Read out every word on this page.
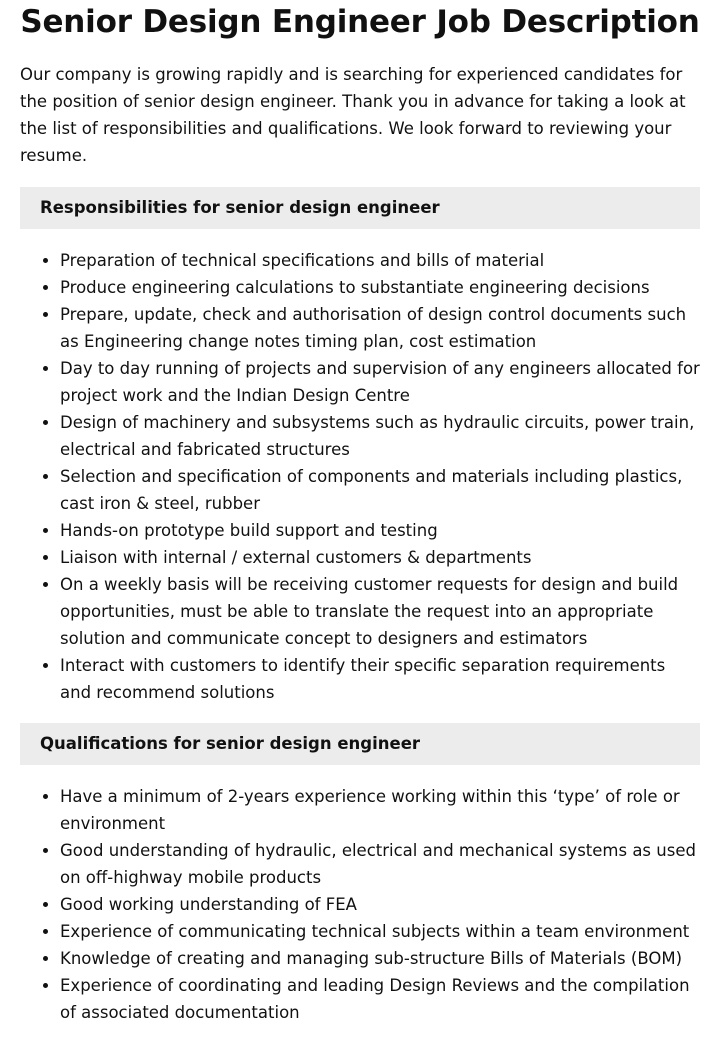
Senior Design Engineer Job Description

Our company is growing rapidly and is searching for experienced candidates for the position of senior design engineer. Thank you in advance for taking a look at the list of responsibilities and qualifications. We look forward to reviewing your resume.

Responsibilities for senior design engineer
• Preparation of technical specifications and bills of material
• Produce engineering calculations to substantiate engineering decisions
• Prepare, update, check and authorisation of design control documents such as Engineering change notes timing plan, cost estimation
• Day to day running of projects and supervision of any engineers allocated for project work and the Indian Design Centre
• Design of machinery and subsystems such as hydraulic circuits, power train, electrical and fabricated structures
• Selection and specification of components and materials including plastics, cast iron & steel, rubber
• Hands-on prototype build support and testing
• Liaison with internal / external customers & departments
• On a weekly basis will be receiving customer requests for design and build opportunities, must be able to translate the request into an appropriate solution and communicate concept to designers and estimators
• Interact with customers to identify their specific separation requirements and recommend solutions
Qualifications for senior design engineer
• Have a minimum of 2-years experience working within this ‘type’ of role or environment
• Good understanding of hydraulic, electrical and mechanical systems as used on off-highway mobile products
• Good working understanding of FEA
• Experience of communicating technical subjects within a team environment
• Knowledge of creating and managing sub-structure Bills of Materials (BOM)
• Experience of coordinating and leading Design Reviews and the compilation of associated documentation
